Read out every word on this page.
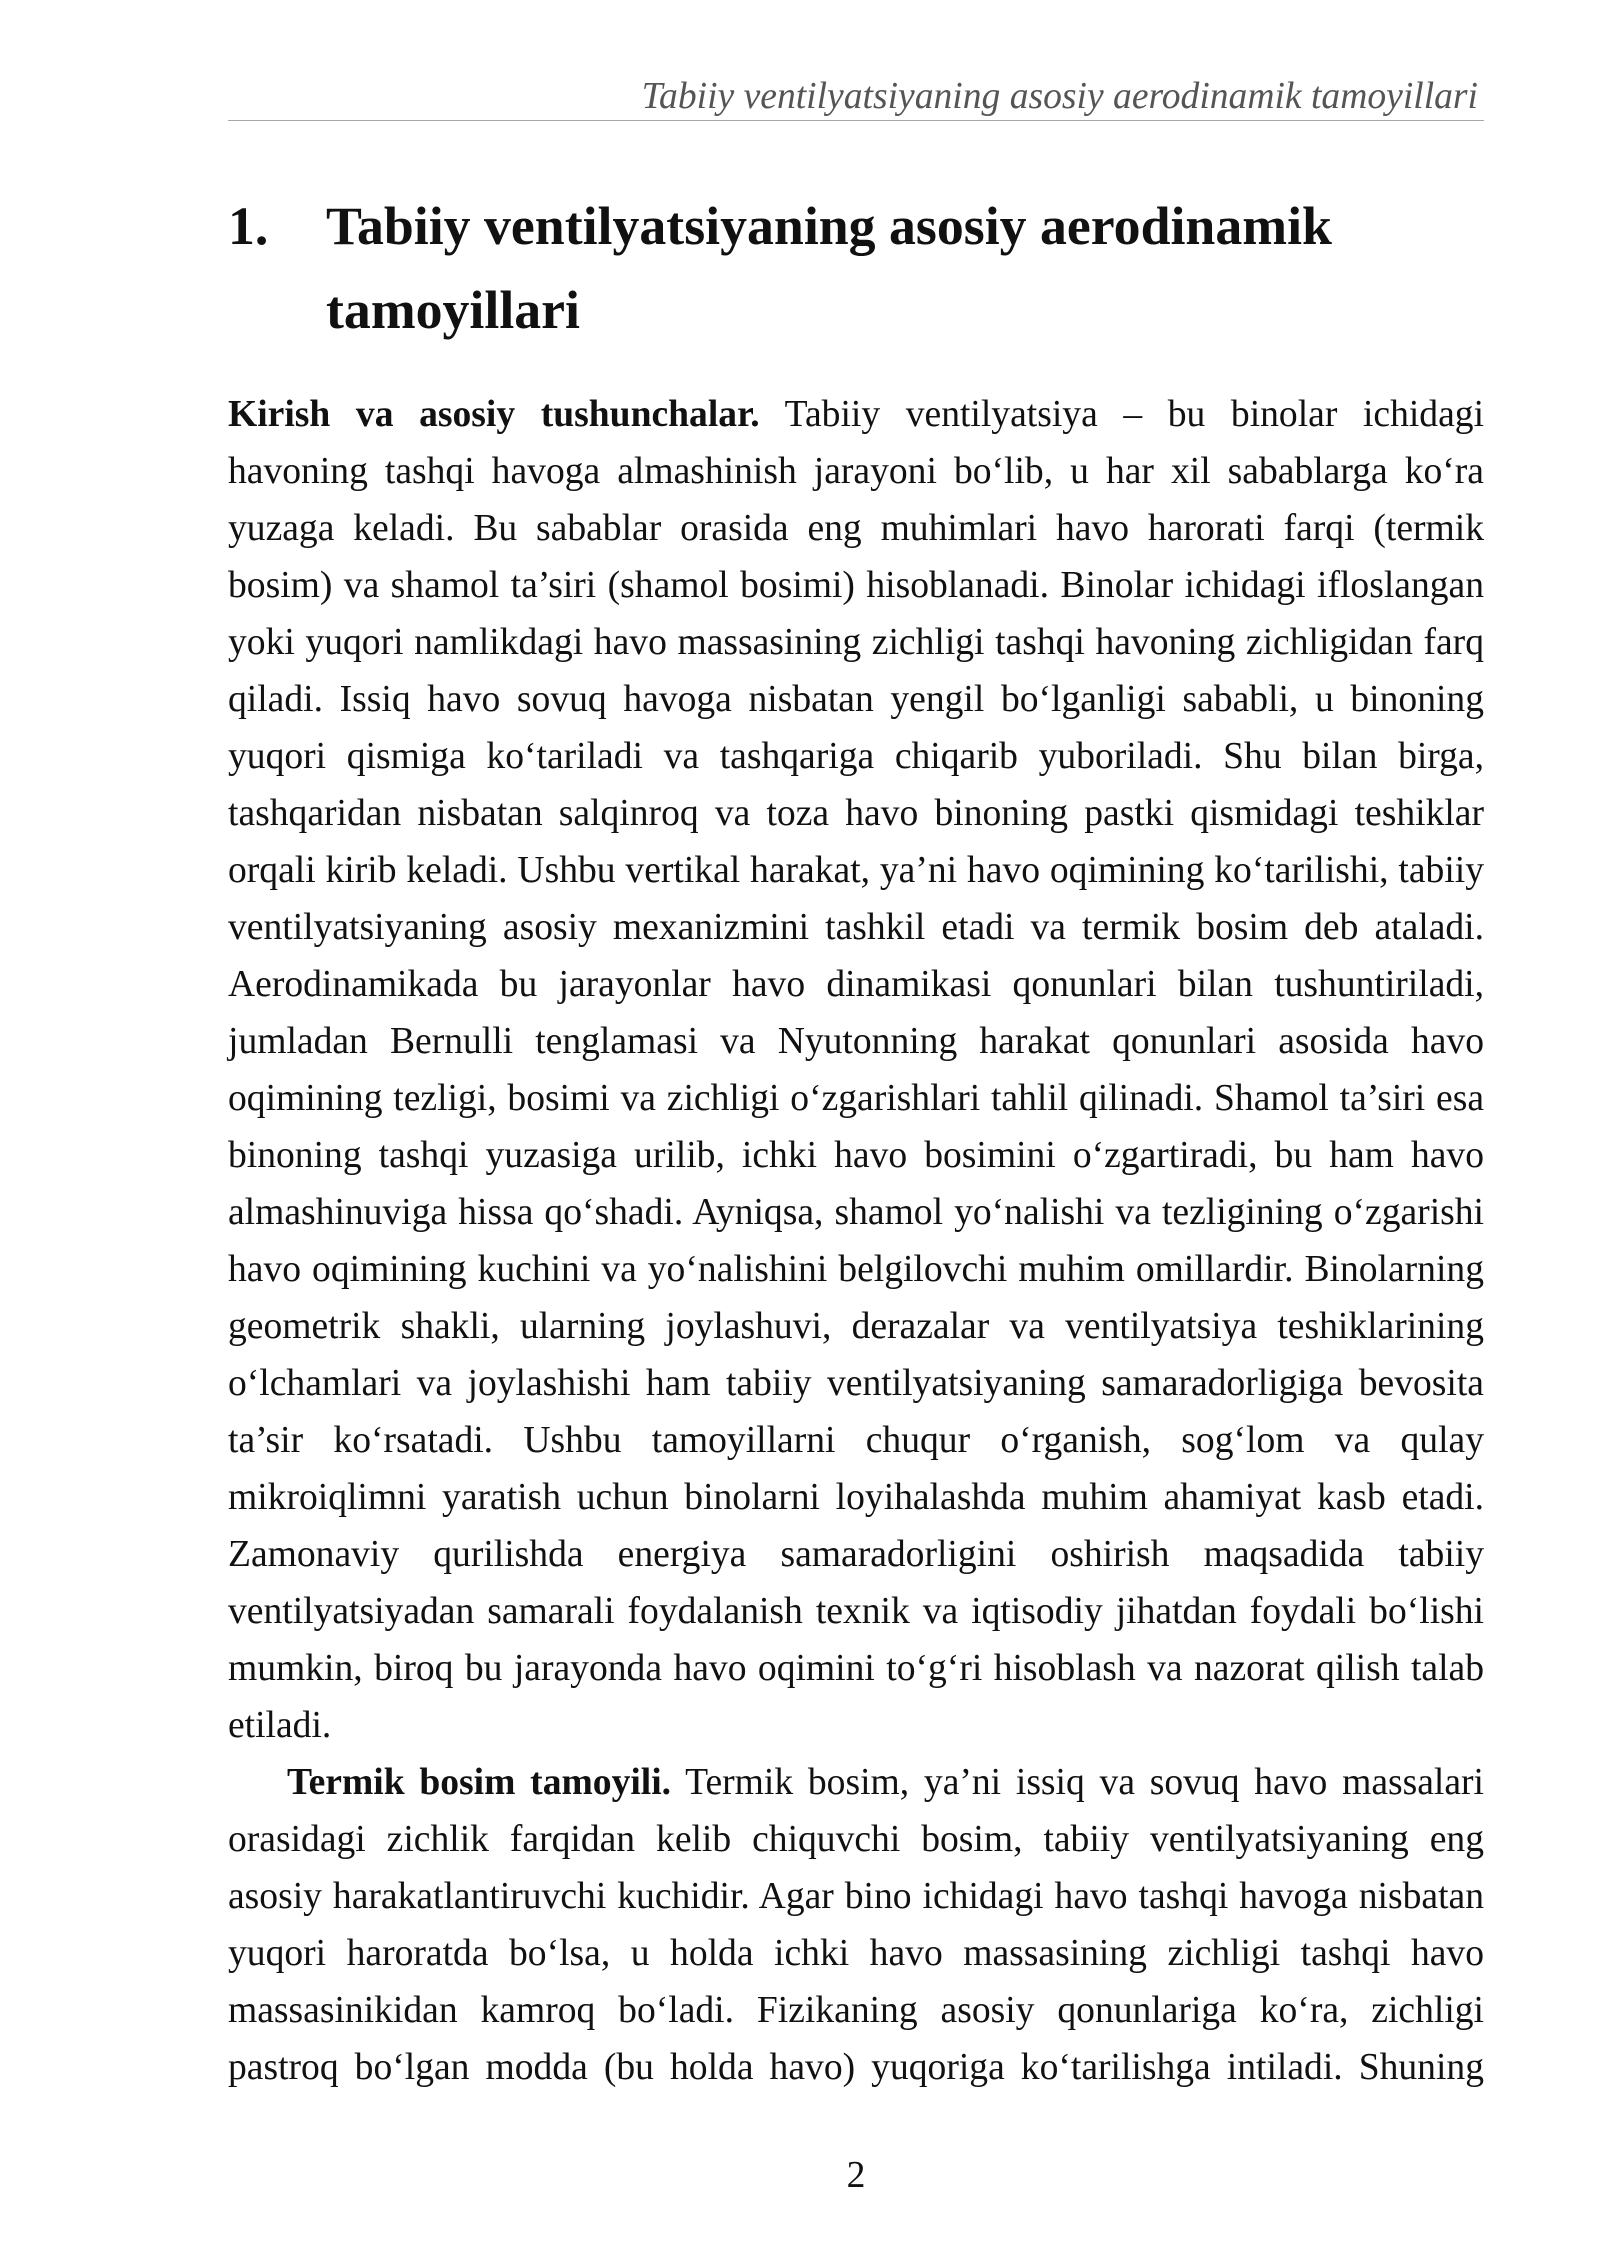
Tabiiy ventilyatsiyaning asosiy aerodinamik tamoyillari
1.	Tabiiy ventilyatsiyaning asosiy aerodinamik tamoyillari

Kirish va asosiy tushunchalar. Tabiiy ventilyatsiya – bu binolar ichidagi havoning tashqi havoga almashinish jarayoni bo‘lib, u har xil sabablarga ko‘ra yuzaga keladi. Bu sabablar orasida eng muhimlari havo harorati farqi (termik bosim) va shamol ta’siri (shamol bosimi) hisoblanadi. Binolar ichidagi ifloslangan yoki yuqori namlikdagi havo massasining zichligi tashqi havoning zichligidan farq qiladi. Issiq havo sovuq havoga nisbatan yengil bo‘lganligi sababli, u binoning yuqori qismiga ko‘tariladi va tashqariga chiqarib yuboriladi. Shu bilan birga, tashqaridan nisbatan salqinroq va toza havo binoning pastki qismidagi teshiklar orqali kirib keladi. Ushbu vertikal harakat, ya’ni havo oqimining ko‘tarilishi, tabiiy ventilyatsiyaning asosiy mexanizmini tashkil etadi va termik bosim deb ataladi. Aerodinamikada bu jarayonlar havo dinamikasi qonunlari bilan tushuntiriladi, jumladan Bernulli tenglamasi va Nyutonning harakat qonunlari asosida havo oqimining tezligi, bosimi va zichligi o‘zgarishlari tahlil qilinadi. Shamol ta’siri esa binoning tashqi yuzasiga urilib, ichki havo bosimini o‘zgartiradi, bu ham havo almashinuviga hissa qo‘shadi. Ayniqsa, shamol yo‘nalishi va tezligining o‘zgarishi havo oqimining kuchini va yo‘nalishini belgilovchi muhim omillardir. Binolarning geometrik shakli, ularning joylashuvi, derazalar va ventilyatsiya teshiklarining o‘lchamlari va joylashishi ham tabiiy ventilyatsiyaning samaradorligiga bevosita ta’sir ko‘rsatadi. Ushbu tamoyillarni chuqur o‘rganish, sog‘lom va qulay mikroiqlimni yaratish uchun binolarni loyihalashda muhim ahamiyat kasb etadi. Zamonaviy qurilishda energiya samaradorligini oshirish maqsadida tabiiy ventilyatsiyadan samarali foydalanish texnik va iqtisodiy jihatdan foydali bo‘lishi mumkin, biroq bu jarayonda havo oqimini to‘g‘ri hisoblash va nazorat qilish talab etiladi.

Termik bosim tamoyili. Termik bosim, ya’ni issiq va sovuq havo massalari orasidagi zichlik farqidan kelib chiquvchi bosim, tabiiy ventilyatsiyaning eng asosiy harakatlantiruvchi kuchidir. Agar bino ichidagi havo tashqi havoga nisbatan yuqori haroratda bo‘lsa, u holda ichki havo massasining zichligi tashqi havo massasinikidan kamroq bo‘ladi. Fizikaning asosiy qonunlariga ko‘ra, zichligi pastroq bo‘lgan modda (bu holda havo) yuqoriga ko‘tarilishga intiladi. Shuning

2
